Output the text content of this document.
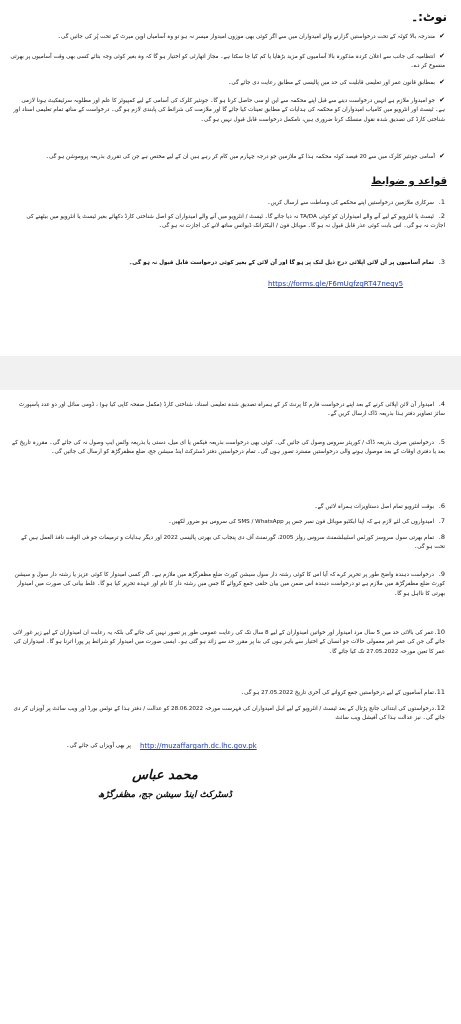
نوٹ:۔
✔مندرجہ بالا کوٹہ کے تحت درخواستیں گزارنے والے امیدواران میں سے اگر کوئی بھی موزوں امیدوار میسر نہ ہو تو وہ آسامیاں اوپن میرٹ کے تحت پُر کی جائیں گی۔
✔انتظامیہ کی جانب سے اعلان کردہ مذکورہ بالا آسامیوں کو مزید بڑھایا یا کم کیا جا سکتا ہے۔ مجاز اتھارٹی کو اختیار ہو گا کہ وہ بغیر کوئی وجہ بتائے کسی بھی وقت آسامیوں پر بھرتی منسوخ کر دے۔
✔بمطابق قانون عمر اور تعلیمی قابلیت کی حد میں پالیسی کے مطابق رعایت دی جائے گی۔
✔جو امیدوار ملازم ہے انہیں درخواست دینے سے قبل اپنے محکمہ سے این او سی حاصل کرنا ہو گا۔ جونئیر کلرک کی آسامی کے لیے کمپیوٹر کا علم اور مطلوبہ سرٹیفکیٹ ہونا لازمی ہے۔ ٹیسٹ اور انٹرویو میں کامیاب امیدواران کو محکمہ کی ہدایات کے مطابق تعینات کیا جائے گا اور ملازمت کی شرائط کی پابندی لازم ہو گی۔ درخواست کے ساتھ تمام تعلیمی اسناد اور شناختی کارڈ کی تصدیق شدہ نقول منسلک کرنا ضروری ہیں، نامکمل درخواست قابل قبول نہیں ہو گی۔
✔آسامی جونئیر کلرک میں سے 20 فیصد کوٹہ محکمہ ہذا کے ملازمین جو درجہ چہارم میں کام کر رہے ہیں ان کے لیے مختص ہے جن کی تقرری بذریعہ پروموشن ہو گی۔
قواعد و ضوابط
1.سرکاری ملازمین درخواستیں اپنے محکمے کی وساطت سے ارسال کریں۔
2.ٹیسٹ یا انٹرویو کے لیے آنے والے امیدواران کو کوئی TA/DA نہ دیا جائے گا۔ ٹیسٹ / انٹرویو میں آنے والے امیدواران کو اصل شناختی کارڈ دکھائے بغیر ٹیسٹ یا انٹرویو میں بیٹھنے کی اجازت نہ ہو گی۔ اس بابت کوئی عذر قابل قبول نہ ہو گا۔ موبائل فون / الیکٹرانک ڈیوائس ساتھ لانے کی اجازت نہ ہو گی۔
3.تمام آسامیوں پر آن لائن اپلائی درج ذیل لنک پر ہو گا اور آن لائن کے بغیر کوئی درخواست قابل قبول نہ ہو گی۔
https://forms.gle/F6mUgfzqRT47neqy5
4.امیدوار آن لائن اپلائی کرنے کے بعد اپنے درخواست فارم کا پرنٹ کر کے ہمراہ تصدیق شدہ تعلیمی اسناد، شناختی کارڈ (مکمل صفحہ کاپی کیا ہو) ، ڈومی سائل اور دو عدد پاسپورٹ سائز تصاویر دفتر ہذا بذریعہ ڈاک ارسال کریں گے۔
5.درخواستیں صرف بذریعہ ڈاک / کوریئر سروس وصول کی جائیں گی۔ کوئی بھی درخواست بذریعہ فیکس یا ای میل، دستی یا بذریعہ واٹس ایپ وصول نہ کی جائے گی۔ مقررہ تاریخ کے بعد یا دفتری اوقات کے بعد موصول ہونے والی درخواستیں مسترد تصور ہوں گی۔ تمام درخواستیں دفتر ڈسٹرکٹ اینڈ سیشن جج، ضلع مظفرگڑھ کو ارسال کی جائیں گی۔
6.بوقت انٹرویو تمام اصل دستاویزات ہمراہ لائیں گے۔
7.امیدواروں کی لئے لازم ہے کہ اپنا ایکٹیو موبائل فون نمبر جس پر SMS / WhatsApp کی سروس ہو ضرور لکھیں۔
8.تمام بھرتی سول سروسز کورٹس اسٹیبلشمنٹ سروس رولز 2005، گورنمنٹ آف دی پنجاب کی بھرتی پالیسی 2022 اور دیگر ہدایات و ترمیمات جو فی الوقت نافذ العمل ہیں کے تحت ہو گی۔
9.درخواست دہندہ واضح طور پر تحریر کرے کہ آیا اس کا کوئی رشتہ دار سول سیشن کورٹ ضلع مظفرگڑھ میں ملازم ہے۔ اگر کسی امیدوار کا کوئی عزیز یا رشتہ دار سول و سیشن کورٹ ضلع مظفرگڑھ میں ملازم ہے تو درخواست دہندہ اس ضمن میں بیان حلفی جمع کروائے گا جس میں رشتہ دار کا نام اور عہدہ تحریر کیا ہو گا۔ غلط بیانی کی صورت میں امیدوار بھرتی کا نااہل ہو گا۔
10.عمر کی بالائی حد میں 5 سال مرد امیدوار اور خواتین امیدواران کے لیے 8 سال تک کی رعایت عمومی طور پر تصور نہیں کی جائے گی بلکہ یہ رعایت ان امیدواران کے لیے زیر غور لائی جائے گی جن کی عمر غیر معمولی حالات جو انسان کے اختیار سے باہر ہوں کی بنا پر مقرر حد سے زائد ہو گئی ہو۔ ایسی صورت میں امیدوار کو شرائط پر پورا اترنا ہو گا۔ امیدواران کی عمر کا تعین مورخہ 27.05.2022 تک کیا جائے گا۔
11.تمام آسامیوں کے لیے درخواستیں جمع کروانے کی آخری تاریخ 27.05.2022 ہو گی۔
12.درخواستوں کی ابتدائی جانچ پڑتال کے بعد ٹیسٹ / انٹرویو کے لیے اہل امیدواران کی فہرست مورخہ 28.06.2022 کو عدالت / دفتر ہذا کے نوٹس بورڈ اور ویب سائٹ پر آویزاں کر دی جائے گی۔ نیز عدالت ہذا کی آفیشل ویب سائٹ
http://muzaffargarh.dc.lhc.gov.pk
پر بھی آویزاں کی جائے گی۔
محمد عباس
ڈسٹرکٹ اینڈ سیشن جج، مظفرگڑھ
